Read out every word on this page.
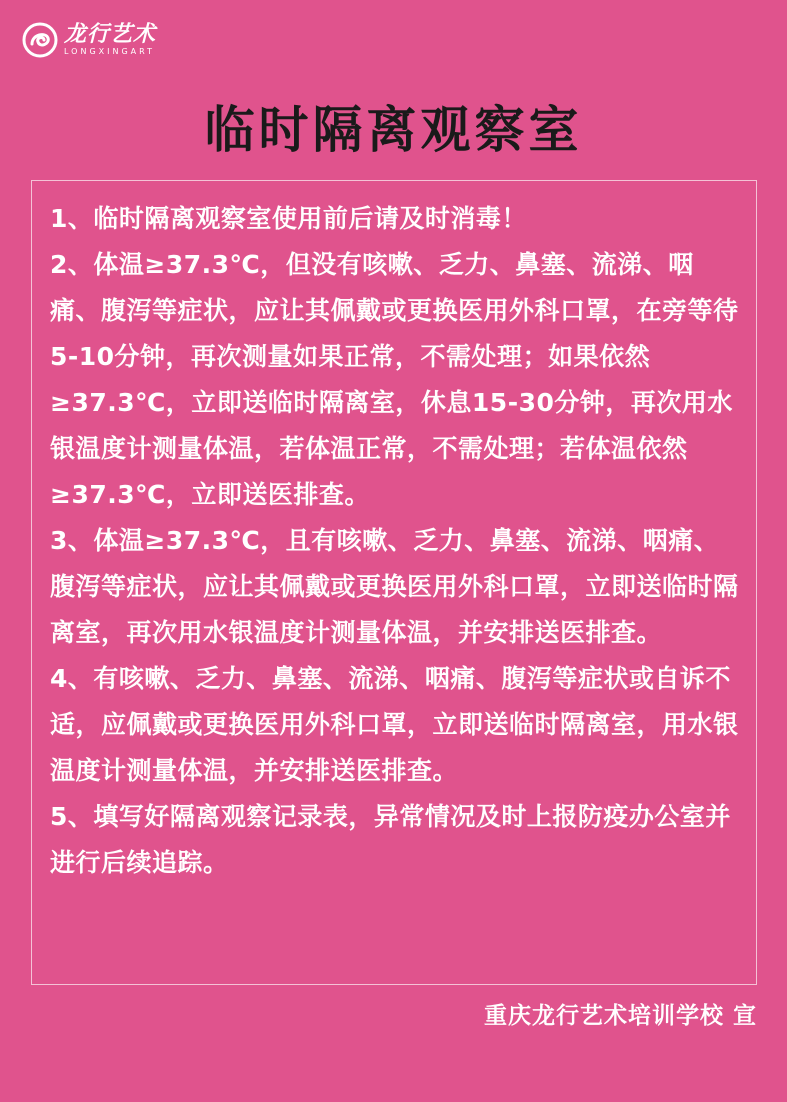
龙行艺术
LONGXINGART
临时隔离观察室
1、临时隔离观察室使用前后请及时消毒！
2、体温≥37.3℃，但没有咳嗽、乏力、鼻塞、流涕、咽痛、腹泻等症状，应让其佩戴或更换医用外科口罩，在旁等待5-10分钟，再次测量如果正常，不需处理；如果依然≥37.3℃，立即送临时隔离室，休息15-30分钟，再次用水银温度计测量体温，若体温正常，不需处理；若体温依然≥37.3℃，立即送医排查。
3、体温≥37.3℃，且有咳嗽、乏力、鼻塞、流涕、咽痛、腹泻等症状，应让其佩戴或更换医用外科口罩，立即送临时隔离室，再次用水银温度计测量体温，并安排送医排查。
4、有咳嗽、乏力、鼻塞、流涕、咽痛、腹泻等症状或自诉不适，应佩戴或更换医用外科口罩，立即送临时隔离室，用水银温度计测量体温，并安排送医排查。
5、填写好隔离观察记录表，异常情况及时上报防疫办公室并进行后续追踪。
重庆龙行艺术培训学校 宣
